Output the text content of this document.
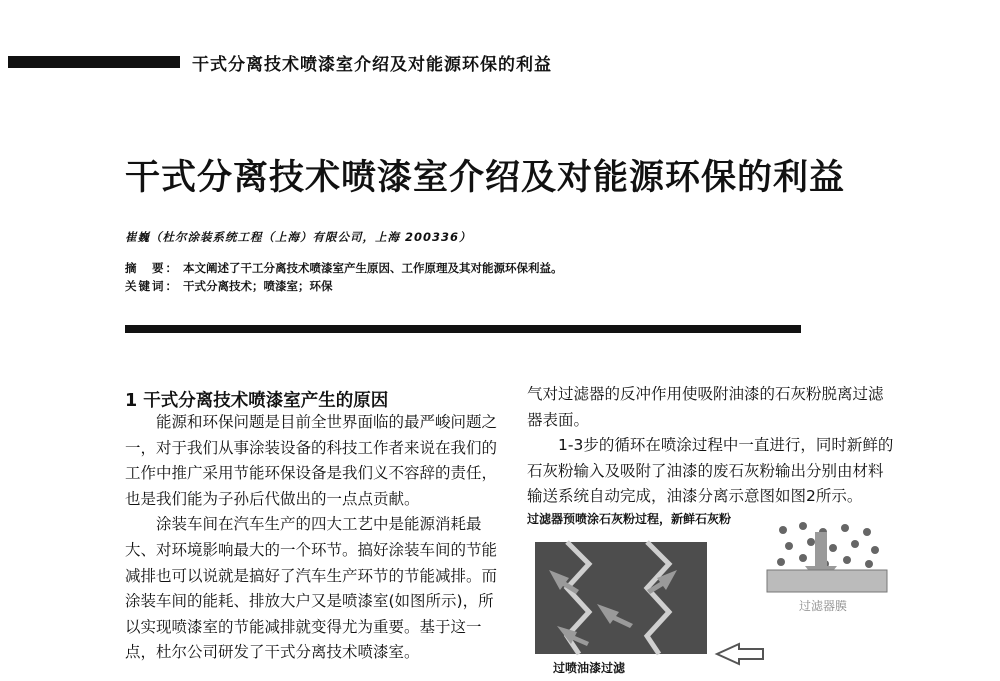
干式分离技术喷漆室介绍及对能源环保的利益
干式分离技术喷漆室介绍及对能源环保的利益
崔巍（杜尔涂装系统工程（上海）有限公司，上海 200336）
摘　要： 本文阐述了干工分离技术喷漆室产生原因、工作原理及其对能源环保利益。
关键词： 干式分离技术；喷漆室；环保
1 干式分离技术喷漆室产生的原因

能源和环保问题是目前全世界面临的最严峻问题之一，对于我们从事涂装设备的科技工作者来说在我们的工作中推广采用节能环保设备是我们义不容辞的责任，也是我们能为子孙后代做出的一点点贡献。

涂装车间在汽车生产的四大工艺中是能源消耗最大、对环境影响最大的一个环节。搞好涂装车间的节能减排也可以说就是搞好了汽车生产环节的节能减排。而涂装车间的能耗、排放大户又是喷漆室(如图所示)，所以实现喷漆室的节能减排就变得尤为重要。基于这一点，杜尔公司研发了干式分离技术喷漆室。

气对过滤器的反冲作用使吸附油漆的石灰粉脱离过滤器表面。

1-3步的循环在喷涂过程中一直进行，同时新鲜的石灰粉输入及吸附了油漆的废石灰粉输出分别由材料输送系统自动完成，油漆分离示意图如图2所示。

过滤器预喷涂石灰粉过程，新鲜石灰粉
过滤器膜
过喷油漆过滤
